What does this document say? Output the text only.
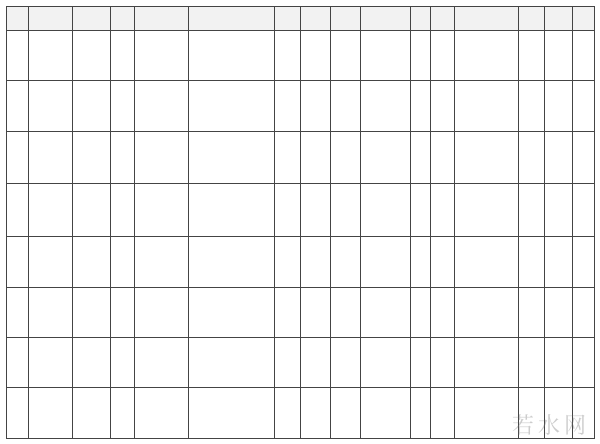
若水网
